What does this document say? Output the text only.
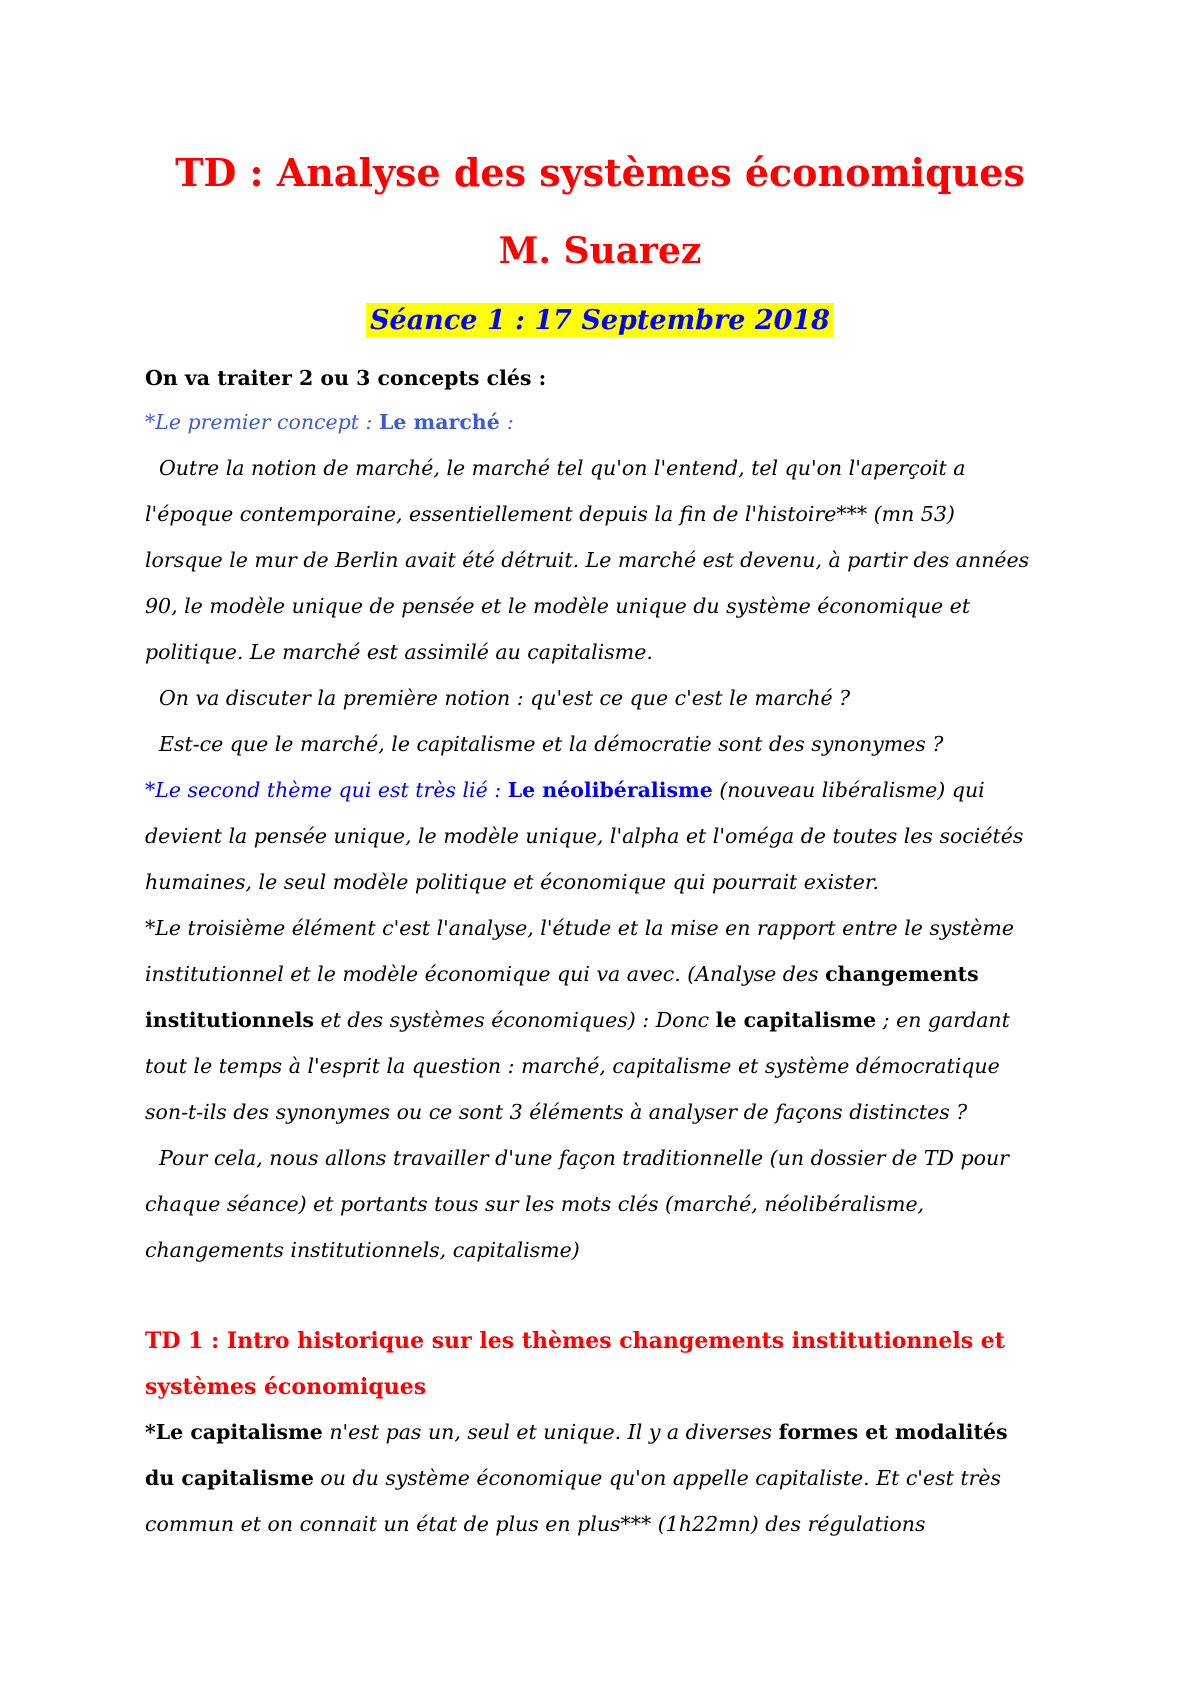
TD : Analyse des systèmes économiques
M. Suarez
Séance 1 : 17 Septembre 2018

On va traiter 2 ou 3 concepts clés :

*Le premier concept : Le marché :

Outre la notion de marché, le marché tel qu'on l'entend, tel qu'on l'aperçoit a

l'époque contemporaine, essentiellement depuis la fin de l'histoire*** (mn 53)

lorsque le mur de Berlin avait été détruit. Le marché est devenu, à partir des années

90, le modèle unique de pensée et le modèle unique du système économique et

politique. Le marché est assimilé au capitalisme.

On va discuter la première notion : qu'est ce que c'est le marché ?

Est-ce que le marché, le capitalisme et la démocratie sont des synonymes ?

*Le second thème qui est très lié : Le néolibéralisme (nouveau libéralisme) qui

devient la pensée unique, le modèle unique, l'alpha et l'oméga de toutes les sociétés

humaines, le seul modèle politique et économique qui pourrait exister.

*Le troisième élément c'est l'analyse, l'étude et la mise en rapport entre le système

institutionnel et le modèle économique qui va avec. (Analyse des changements

institutionnels et des systèmes économiques) : Donc le capitalisme ; en gardant

tout le temps à l'esprit la question : marché, capitalisme et système démocratique

son-t-ils des synonymes ou ce sont 3 éléments à analyser de façons distinctes ?

Pour cela, nous allons travailler d'une façon traditionnelle (un dossier de TD pour

chaque séance) et portants tous sur les mots clés (marché, néolibéralisme,

changements institutionnels, capitalisme)

TD 1 : Intro historique sur les thèmes changements institutionnels et

systèmes économiques

*Le capitalisme n'est pas un, seul et unique. Il y a diverses formes et modalités

du capitalisme ou du système économique qu'on appelle capitaliste. Et c'est très

commun et on connait un état de plus en plus*** (1h22mn) des régulations
